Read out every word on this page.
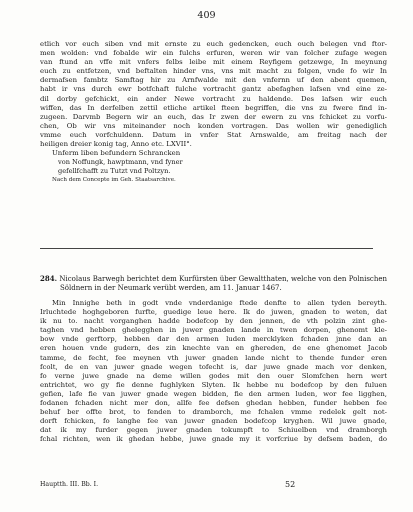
409

etlich vor euch siben vnd mit ernste zu euch gedencken, euch ouch belegen vnd ftor-

men wolden: vnd fobalde wir ein fulchs erfuren, weren wir van folcher zufage wegen

van ftund an vffe mit vnfers felbs leibe mit einem Reyfigem getzewge, In meynung

euch zu entfetzen, vnd beftalten hinder vns, vns mit macht zu folgen, vnde fo wir In

dermafsen fambtz Samftag hir zu Arnfwalde mit den vnfernn uf den abent quemen,

habt ir vns durch ewr botfchaft fulche vortracht gantz abefaghen lafsen vnd eine ze-

dil dorby gefchickt, ein ander Newe vortracht zu haldende. Des lafsen wir euch

wiffen, das In derfelben zettil etliche artikel fteen begriffen, die vns zu fwere find in-

zugeen. Darvmb Begern wir an euch, das Ir zwen der ewern zu vns fchicket zu vorfu-

chen, Ob wir vns miteinander noch konden vortragen. Das wollen wir genediglich

vmme euch vorfchuldenn. Datum in vnfer Stat Arnswalde, am freitag nach der

heiligen dreier konig tag, Anno etc. LXVII°.

Unferm liben befundern Schrancken

von Noffungk, hawptmann, vnd fyner

gefellfchafft zu Tutzt vnd Poltzyn.

Nach dem Concepte im Geh. Staatsarchive.

284. Nicolaus Barwegh berichtet dem Kurfürsten über Gewaltthaten, welche von den Polnischen

Söldnern in der Neumark verübt werden, am 11. Januar 1467.

Min Innighe beth in godt vnde vnderdanige ftede denfte to allen tyden bereyth.

Irluchtede hoghgeboren furfte, guedige leue here. Ik do juwen, gnaden to weten, dat

ik nu to. nacht vorganghen hadde bodefcop by den jennen, de vth polzin zint ghe-

taghen vnd hebben ghelegghen in juwer gnaden lande in twen dorpen, ghenomt kle-

bow vnde gerftorp, hebben dar den armen luden mercklyken fchaden jnne dan an

eren houen vnde gudern, des zin knechte van en ghereden, de ene ghenomet Jacob

tamme, de fecht, fee meynen vth juwer gnaden lande nicht to thende funder eren

fcolt, de en van juwer gnade wegen tofecht is, dar juwe gnade mach vor denken,

fo verne juwe gnade na deme willen godes mit den ouer Slomfchen hern wert

entrichtet, wo gy fie denne fughlyken Slyten. Ik hebbe nu bodefcop by den fuluen

gefien, lafe fie van juwer gnade wegen bidden, fie den armen luden, wor fee ligghen,

fodanen fchaden nicht mer don, allfe fee defsen ghedan hebben, funder hebben fee

behuf ber offte brot, to fenden to dramborch, me fchalen vmme redelek gelt not-

dorft fchicken, fo langhe fee van juwer gnaden bodefcop kryghen. Wil juwe gnade,

dat ik my furder gegen juwer gnaden tokumpft to Schiuelben vnd dramborgh

fchal richten, wen ik ghedan hebbe, juwe gnade my it vorfcriue by defsem baden, do

Hauptth. III. Bb. I.	52
